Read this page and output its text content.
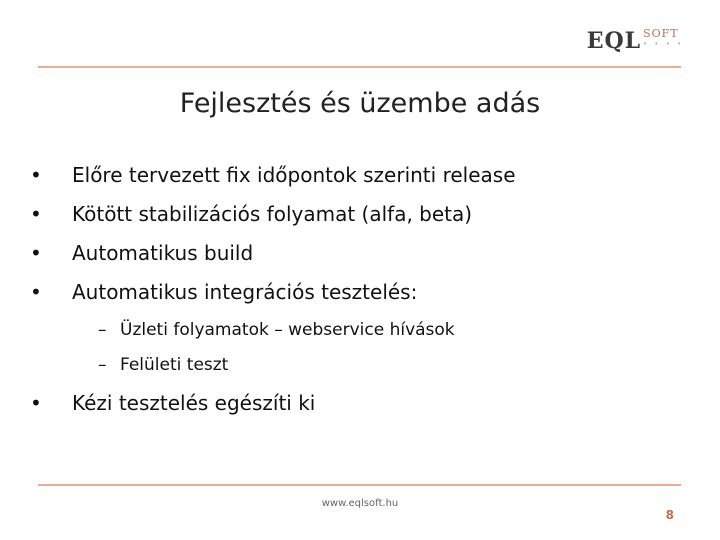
EQL SOFT
• • • •
Fejlesztés és üzembe adás
•	Előre tervezett fix időpontok szerinti release
•	Kötött stabilizációs folyamat (alfa, beta)
•	Automatikus build
•	Automatikus integrációs tesztelés:
– Üzleti folyamatok – webservice hívások
– Felületi teszt
•	Kézi tesztelés egészíti ki
www.eqlsoft.hu
8
